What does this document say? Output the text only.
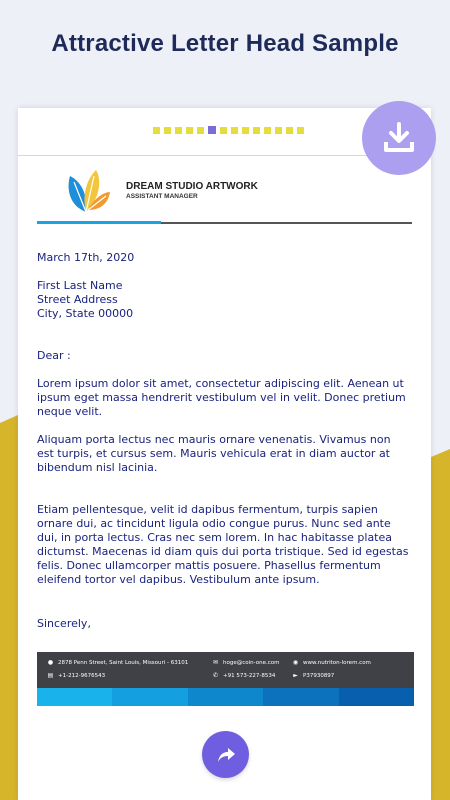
Attractive Letter Head Sample
DREAM STUDIO ARTWORK
ASSISTANT MANAGER
March 17th, 2020
First Last Name
Street Address
City, State 00000
Dear :
Lorem ipsum dolor sit amet, consectetur adipiscing elit. Aenean ut ipsum eget massa hendrerit vestibulum vel in velit. Donec pretium neque velit.
Aliquam porta lectus nec mauris ornare venenatis. Vivamus non est turpis, et cursus sem. Mauris vehicula erat in diam auctor at bibendum nisl lacinia.
Etiam pellentesque, velit id dapibus fermentum, turpis sapien ornare dui, ac tincidunt ligula odio congue purus. Nunc sed ante dui, in porta lectus. Cras nec sem lorem. In hac habitasse platea dictumst. Maecenas id diam quis dui porta tristique. Sed id egestas felis. Donec ullamcorper mattis posuere. Phasellus fermentum eleifend tortor vel dapibus. Vestibulum ante ipsum.
Sincerely,
● 2878 Penn Street, Saint Louis, Missouri - 63101
▤ +1-212-9676543
✉ hoge@coin-one.com
✆ +91 573-227-8534
◉ www.nutriton-lorem.com
► P37930897
